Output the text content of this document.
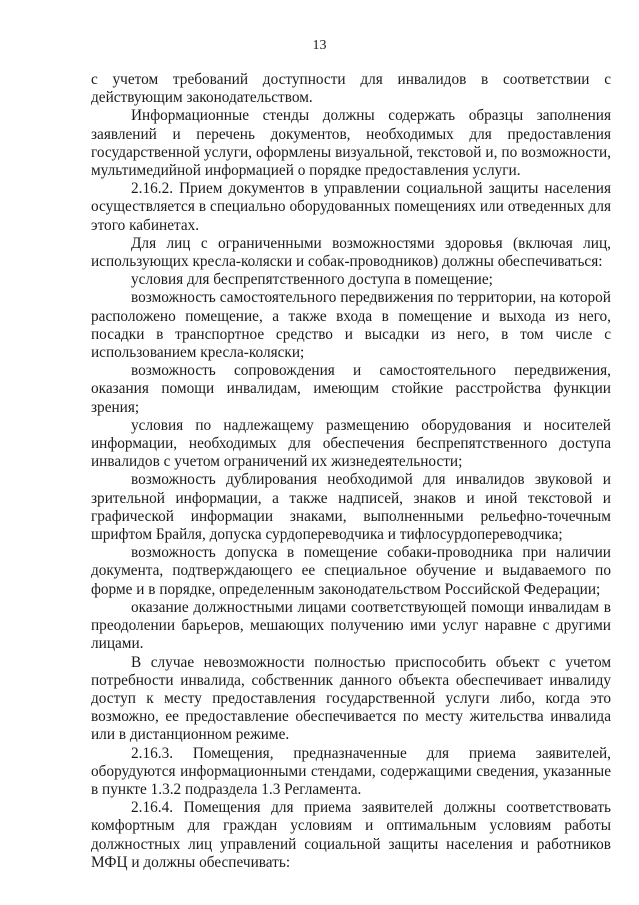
13

с учетом требований доступности для инвалидов в соответствии с действующим законодательством.

Информационные стенды должны содержать образцы заполнения заявлений и перечень документов, необходимых для предоставления государственной услуги, оформлены визуальной, текстовой и, по возможности, мультимедийной информацией о порядке предоставления услуги.

2.16.2. Прием документов в управлении социальной защиты населения осуществляется в специально оборудованных помещениях или отведенных для этого кабинетах.

Для лиц с ограниченными возможностями здоровья (включая лиц, использующих кресла-коляски и собак-проводников) должны обеспечиваться:

условия для беспрепятственного доступа в помещение;

возможность самостоятельного передвижения по территории, на которой расположено помещение, а также входа в помещение и выхода из него, посадки в транспортное средство и высадки из него, в том числе с использованием кресла-коляски;

возможность сопровождения и самостоятельного передвижения, оказания помощи инвалидам, имеющим стойкие расстройства функции зрения;

условия по надлежащему размещению оборудования и носителей информации, необходимых для обеспечения беспрепятственного доступа инвалидов с учетом ограничений их жизнедеятельности;

возможность дублирования необходимой для инвалидов звуковой и зрительной информации, а также надписей, знаков и иной текстовой и графической информации знаками, выполненными рельефно-точечным шрифтом Брайля, допуска сурдопереводчика и тифлосурдопереводчика;

возможность допуска в помещение собаки-проводника при наличии документа, подтверждающего ее специальное обучение и выдаваемого по форме и в порядке, определенным законодательством Российской Федерации;

оказание должностными лицами соответствующей помощи инвалидам в преодолении барьеров, мешающих получению ими услуг наравне с другими лицами.

В случае невозможности полностью приспособить объект с учетом потребности инвалида, собственник данного объекта обеспечивает инвалиду доступ к месту предоставления государственной услуги либо, когда это возможно, ее предоставление обеспечивается по месту жительства инвалида или в дистанционном режиме.

2.16.3. Помещения, предназначенные для приема заявителей, оборудуются информационными стендами, содержащими сведения, указанные в пункте 1.3.2 подраздела 1.3 Регламента.

2.16.4. Помещения для приема заявителей должны соответствовать комфортным для граждан условиям и оптимальным условиям работы должностных лиц управлений социальной защиты населения и работников МФЦ и должны обеспечивать:
